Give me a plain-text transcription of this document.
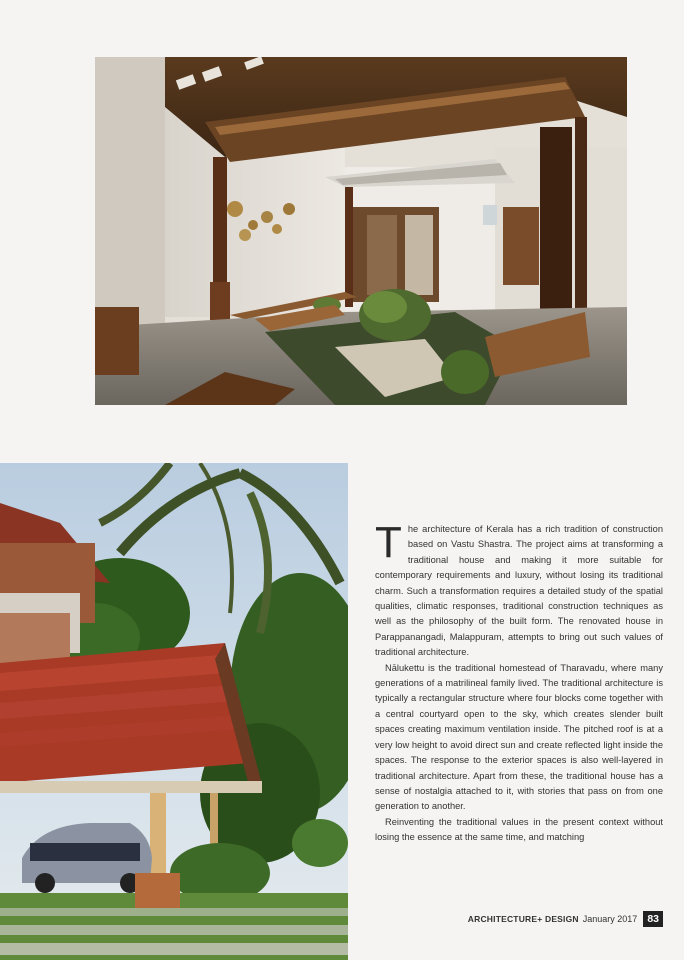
The architecture of Kerala has a rich tradition of construction based on Vastu Shastra. The project aims at transforming a traditional house and making it more suitable for contemporary requirements and luxury, without losing its traditional charm. Such a transformation requires a detailed study of the spatial qualities, climatic responses, traditional construction techniques as well as the philosophy of the built form. The renovated house in Parappanangadi, Malappuram, attempts to bring out such values of traditional architecture.

Nālukettu is the traditional homestead of Tharavadu, where many generations of a matrilineal family lived. The traditional architecture is typically a rectangular structure where four blocks come together with a central courtyard open to the sky, which creates slender built spaces creating maximum ventilation inside. The pitched roof is at a very low height to avoid direct sun and create reflected light inside the spaces. The response to the exterior spaces is also well-layered in traditional architecture. Apart from these, the traditional house has a sense of nostalgia attached to it, with stories that pass on from one generation to another.

Reinventing the traditional values in the present context without losing the essence at the same time, and matching

ARCHITECTURE+ DESIGN January 2017 83
